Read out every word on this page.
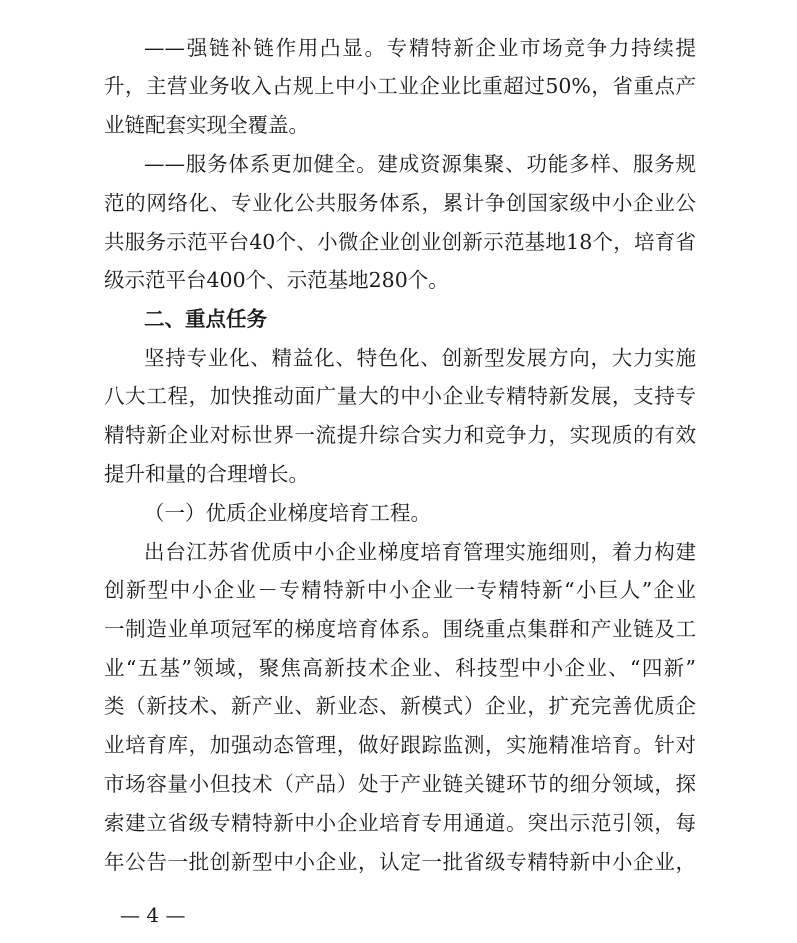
——强链补链作用凸显。专精特新企业市场竞争力持续提
升，主营业务收入占规上中小工业企业比重超过50%，省重点产
业链配套实现全覆盖。
——服务体系更加健全。建成资源集聚、功能多样、服务规
范的网络化、专业化公共服务体系，累计争创国家级中小企业公
共服务示范平台40个、小微企业创业创新示范基地18个，培育省
级示范平台400个、示范基地280个。
二、重点任务
坚持专业化、精益化、特色化、创新型发展方向，大力实施
八大工程，加快推动面广量大的中小企业专精特新发展，支持专
精特新企业对标世界一流提升综合实力和竞争力，实现质的有效
提升和量的合理增长。
（一）优质企业梯度培育工程。
出台江苏省优质中小企业梯度培育管理实施细则，着力构建
创新型中小企业－专精特新中小企业一专精特新“小巨人”企业
一制造业单项冠军的梯度培育体系。围绕重点集群和产业链及工
业“五基”领域，聚焦高新技术企业、科技型中小企业、“四新”
类（新技术、新产业、新业态、新模式）企业，扩充完善优质企
业培育库，加强动态管理，做好跟踪监测，实施精准培育。针对
市场容量小但技术（产品）处于产业链关键环节的细分领域，探
索建立省级专精特新中小企业培育专用通道。突出示范引领，每
年公告一批创新型中小企业，认定一批省级专精特新中小企业，
— 4 —
